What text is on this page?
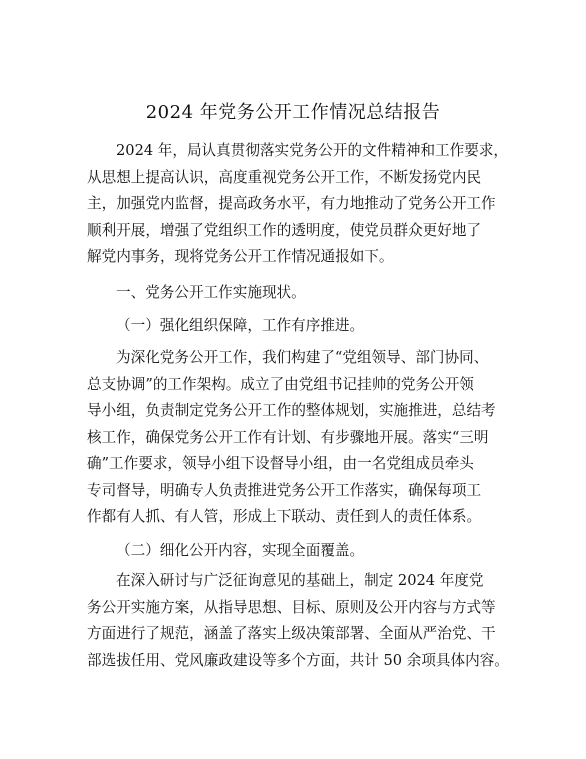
2024 年党务公开工作情况总结报告
2024 年，局认真贯彻落实党务公开的文件精神和工作要求，
从思想上提高认识，高度重视党务公开工作，不断发扬党内民
主，加强党内监督，提高政务水平，有力地推动了党务公开工作
顺利开展，增强了党组织工作的透明度，使党员群众更好地了
解党内事务，现将党务公开工作情况通报如下。
一、党务公开工作实施现状。
（一）强化组织保障，工作有序推进。
为深化党务公开工作，我们构建了“党组领导、部门协同、
总支协调”的工作架构。成立了由党组书记挂帅的党务公开领
导小组，负责制定党务公开工作的整体规划，实施推进，总结考
核工作，确保党务公开工作有计划、有步骤地开展。落实“三明
确”工作要求，领导小组下设督导小组，由一名党组成员牵头
专司督导，明确专人负责推进党务公开工作落实，确保每项工
作都有人抓、有人管，形成上下联动、责任到人的责任体系。
（二）细化公开内容，实现全面覆盖。
在深入研讨与广泛征询意见的基础上，制定 2024 年度党
务公开实施方案，从指导思想、目标、原则及公开内容与方式等
方面进行了规范，涵盖了落实上级决策部署、全面从严治党、干
部选拔任用、党风廉政建设等多个方面，共计 50 余项具体内容。
